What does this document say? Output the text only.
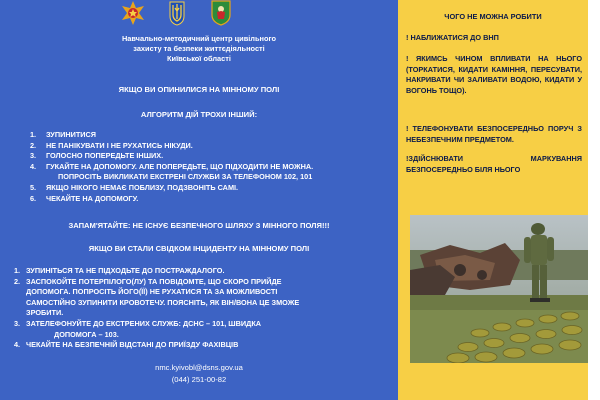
Навчально-методичний центр цивільного
захисту та безпеки життєдіяльності
Київської області
ЯКЩО ВИ ОПИНИЛИСЯ НА МІННОМУ ПОЛІ
АЛГОРИТМ ДІЙ ТРОХИ ІНШИЙ:
1.	ЗУПИНИТИСЯ
2.	НЕ ПАНІКУВАТИ І НЕ РУХАТИСЬ НІКУДИ.
3.	ГОЛОСНО ПОПЕРЕДЬТЕ ІНШИХ.
4.	ГУКАЙТЕ НА ДОПОМОГУ. АЛЕ ПОПЕРЕДЬТЕ, ЩО ПІДХОДИТИ НЕ МОЖНА.
ПОПРОСІТЬ ВИКЛИКАТИ ЕКСТРЕНІ СЛУЖБИ ЗА ТЕЛЕФОНОМ 102, 101
5.	ЯКЩО НІКОГО НЕМАЄ ПОБЛИЗУ, ПОДЗВОНІТЬ САМІ.
6.	ЧЕКАЙТЕ НА ДОПОМОГУ.
ЗАПАМ'ЯТАЙТЕ: НЕ ІСНУЄ БЕЗПЕЧНОГО ШЛЯХУ З МІННОГО ПОЛЯ!!!
ЯКЩО ВИ СТАЛИ СВІДКОМ ІНЦИДЕНТУ НА МІННОМУ ПОЛІ
1. ЗУПИНІТЬСЯ ТА НЕ ПІДХОДЬТЕ ДО ПОСТРАЖДАЛОГО.
2. ЗАСПОКОЙТЕ ПОТЕРПІЛОГО(ЛУ) ТА ПОВІДОМТЕ, ЩО СКОРО ПРИЙДЕ
ДОПОМОГА. ПОПРОСІТЬ ЙОГО(ЇЇ) НЕ РУХАТИСЯ ТА ЗА МОЖЛИВОСТІ
САМОСТІЙНО ЗУПИНИТИ КРОВОТЕЧУ. ПОЯСНІТЬ, ЯК ВІН/ВОНА ЦЕ ЗМОЖЕ
ЗРОБИТИ.
3. ЗАТЕЛЕФОНУЙТЕ ДО ЕКСТРЕНИХ СЛУЖБ: ДСНС – 101, ШВИДКА
ДОПОМОГА – 103.
4. ЧЕКАЙТЕ НА БЕЗПЕЧНІЙ ВІДСТАНІ ДО ПРИЇЗДУ ФАХІВЦІВ
nmc.kyivobl@dsns.gov.ua
(044) 251-00-82
ЧОГО НЕ МОЖНА РОБИТИ
! НАБЛИЖАТИСЯ ДО ВНП
! ЯКИМСЬ ЧИНОМ ВПЛИВАТИ НА НЬОГО (ТОРКАТИСЯ, КИДАТИ КАМІННЯ, ПЕРЕСУВАТИ, НАКРИВАТИ ЧИ ЗАЛИВАТИ ВОДОЮ, КИДАТИ У ВОГОНЬ ТОЩО).
! ТЕЛЕФОНУВАТИ БЕЗПОСЕРЕДНЬО ПОРУЧ З НЕБЕЗПЕЧНИМ ПРЕДМЕТОМ.
!ЗДІЙСНЮВАТИ МАРКУВАННЯ БЕЗПОСЕРЕДНЬО БІЛЯ НЬОГО
